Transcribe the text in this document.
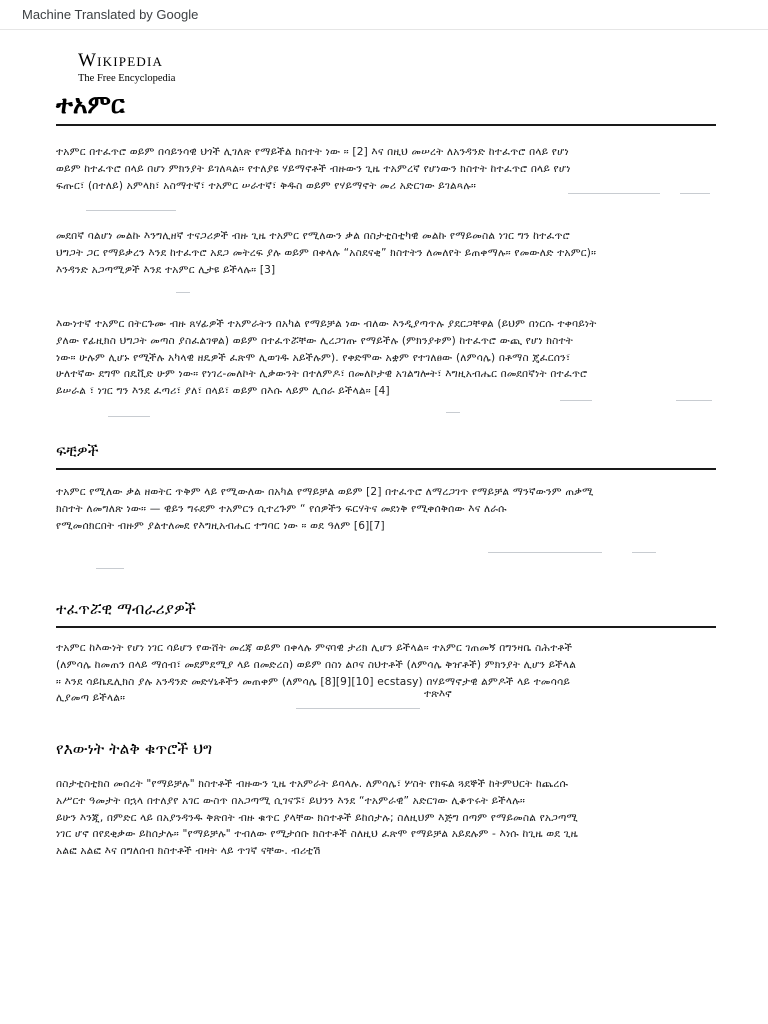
Machine Translated by Google
Wikipedia
The Free Encyclopedia
ተአምር
ተአምር በተፈጥሮ ወይም በሳይንሳዊ ህጎች ሊገለጽ የማይችል ክስተት ነው ። [2] እና በዚህ መሠረት ለአንዳንድ ከተፈጥሮ በላይ የሆነ
ወይም ከተፈጥሮ በላይ በሆነ ምክንያት ይገለጻል። የተለያዩ ሃይማኖቶች ብዙውን ጊዜ ተአምረኛ የሆነውን ክስተት ከተፈጥሮ በላይ የሆነ
ፍጡር፣ (በተለይ) አምላክ፣ አስማተኛ፣ ተአምር ሠራተኛ፣ ቅዱስ ወይም የሃይማኖት መሪ አድርገው ይገልጻሉ።
መደበኛ ባልሆነ መልኩ እንግሊዘኛ ተናጋሪዎች ብዙ ጊዜ ተአምር የሚለውን ቃል በስታቲስቲካዊ መልኩ የማይመስል ነገር ግን ከተፈጥሮ
ህግጋት ጋር የማይቃረን እንደ ከተፈጥሮ አደጋ መትረፍ ያሉ ወይም በቀላሉ “አስደናቂ” ክስተትን ለመለየት ይጠቀማሉ። የመውለድ ተአምር)።
እንዳንድ አጋጣሚዎች እንደ ተአምር ሊታዩ ይችላሉ። [3]
እውነተኛ ተአምር በትርጉሙ ብዙ ጸሃፊዎች ተአምራትን በአካል የማይቻል ነው ብለው እንዲያጣጥሉ ያደርጋቸዋል (ይህም በነርሱ ተቀባይነት
ያለው የፊዚክስ ህግጋት መጣስ ያስፈልገዋል) ወይም በተፈጥሯቸው ሊረጋገጡ የማይችሉ (ምክንያቱም) ከተፈጥሮ ውጪ የሆነ ክስተት
ነው። ሁሉም ሊሆኑ የሚችሉ አካላዊ ዘዴዎች ፈጽሞ ሊወገዱ አይችሉም). የቀድሞው አቋም የተገለፀው (ለምሳሌ) በቶማስ ጄፈርሰን፣
ሁለተኛው ደግሞ በዴቪድ ሁም ነው። የነገረ-መለኮት ሊቃውንት በተለምዶ፣ በመለኮታዊ አገልግሎት፣ እግዚአብሔር በመደበኛነት በተፈጥሮ
ይሠራል ፣ ነገር ግን እንደ ፈጣሪ፣ ያለ፣ በላይ፣ ወይም በእሱ ላይም ሊሰራ ይችላል። [4]
ፍቺዎች
ተአምር የሚለው ቃል ዘወትር ጥቅም ላይ የሚውለው በአካል የማይቻል ወይም [2] በተፈጥሮ ለማረጋገጥ የማይቻል ማንኛውንም ጠቃሚ
ክስተት ለመግለጽ ነው። — ዊይን ግሩደም ተአምርን ሲተረጉም “ የሰዎችን ፍርሃትና መደነቅ የሚቀሰቅሰው እና ለራሱ
የሚመሰክርበት ብዙም ያልተለመደ የእግዚአብሔር ተግባር ነው ። ወደ ዓለም [6][7]
ተፈጥሯዊ ማብራሪያዎች
ተአምር ከእውነት የሆነ ነገር ሳይሆን የውሸት መረጃ ወይም በቀላሉ ምናባዊ ታሪክ ሊሆን ይችላል። ተአምር ገጠመኝ በግንዛቤ ስሕተቶች
(ለምሳሌ ከመጠን በላይ ማሰብ፣ መደምደሚያ ላይ በመድረስ) ወይም በስነ ልቦና ስህተቶች (ለምሳሌ ቅዠቶች) ምክንያት ሊሆን ይችላል
። እንደ ሳይኬዴሊክስ ያሉ አንዳንድ መድሃኒቶችን መጠቀም (ለምሳሌ [8][9][10] ecstasy) በሃይማኖታዊ ልምዶች ላይ ተመሳሳይ
ሊያመጣ ይችላል።	ተጽእኖ
የእውነት ትልቅ ቁጥሮች ህግ
በስታቲስቲክስ መሰረት "የማይቻሉ" ክስተቶች ብዙውን ጊዜ ተአምራት ይባላሉ. ለምሳሌ፣ ሦስት የክፍል ጓደኞች ከትምህርት ከጨረሱ
አሥርተ ዓመታት በኋላ በተለያየ አገር ውስጥ በአጋጣሚ ሲገናኙ፣ ይህንን እንደ “ተአምራዊ” አድርገው ሊቆጥሩት ይችላሉ።
ይሁን እንጂ, በምድር ላይ በአያንዳንዱ ቅጽበት ብዙ ቁጥር ያላቸው ክስተቶች ይከሰታሉ; ስለዚህም እጅግ በጣም የማይመስል የአጋጣሚ
ነገር ሆኖ በየደቂቃው ይከሰታሉ። "የማይቻሉ" ተብለው የሚታሰቡ ክስተቶች ስለዚህ ፈጽሞ የማይቻል አይደሉም - እነሱ ከጊዜ ወደ ጊዜ
አልፎ አልፎ እና በግለሰብ ክስተቶች ብዛት ላይ ጥገኛ ናቸው. ብሪቲሽ
